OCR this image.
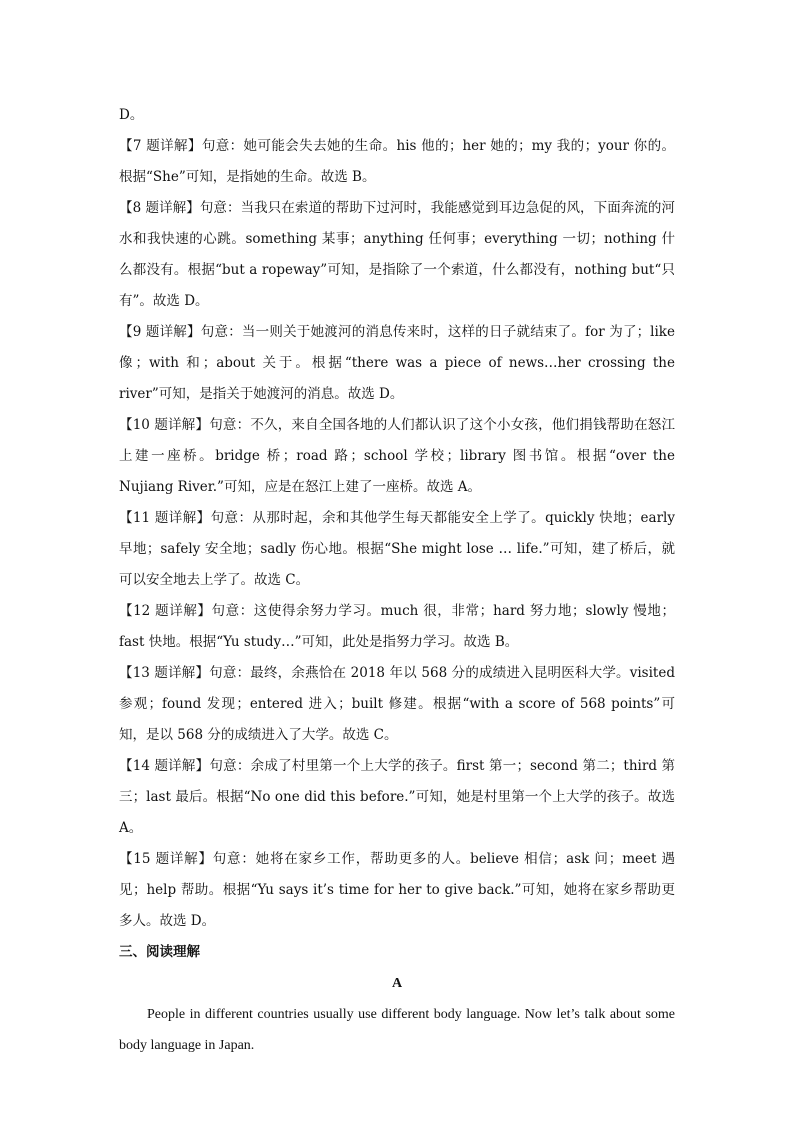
D。

【7 题详解】句意：她可能会失去她的生命。his 他的；her 她的；my 我的；your 你的。根据“She”可知，是指她的生命。故选 B。

【8 题详解】句意：当我只在索道的帮助下过河时，我能感觉到耳边急促的风，下面奔流的河水和我快速的心跳。something 某事；anything 任何事；everything 一切；nothing 什么都没有。根据“but a ropeway”可知，是指除了一个索道，什么都没有，nothing but“只有”。故选 D。

【9 题详解】句意：当一则关于她渡河的消息传来时，这样的日子就结束了。for 为了；like 像；with 和；about 关于。根据“there was a piece of news…her crossing the river”可知，是指关于她渡河的消息。故选 D。

【10 题详解】句意：不久，来自全国各地的人们都认识了这个小女孩，他们捐钱帮助在怒江上建一座桥。bridge 桥；road 路；school 学校；library 图书馆。根据“over the Nujiang River.”可知，应是在怒江上建了一座桥。故选 A。

【11 题详解】句意：从那时起，余和其他学生每天都能安全上学了。quickly 快地；early 早地；safely 安全地；sadly 伤心地。根据“She might lose … life.”可知，建了桥后，就可以安全地去上学了。故选 C。

【12 题详解】句意：这使得余努力学习。much 很，非常；hard 努力地；slowly 慢地；fast 快地。根据“Yu study…”可知，此处是指努力学习。故选 B。

【13 题详解】句意：最终，余燕恰在 2018 年以 568 分的成绩进入昆明医科大学。visited 参观；found 发现；entered 进入；built 修建。根据“with a score of 568 points”可知，是以 568 分的成绩进入了大学。故选 C。

【14 题详解】句意：余成了村里第一个上大学的孩子。first 第一；second 第二；third 第三；last 最后。根据“No one did this before.”可知，她是村里第一个上大学的孩子。故选 A。

【15 题详解】句意：她将在家乡工作，帮助更多的人。believe 相信；ask 问；meet 遇见；help 帮助。根据“Yu says it’s time for her to give back.”可知，她将在家乡帮助更多人。故选 D。

三、阅读理解

A

People in different countries usually use different body language. Now let’s talk about some body language in Japan.
